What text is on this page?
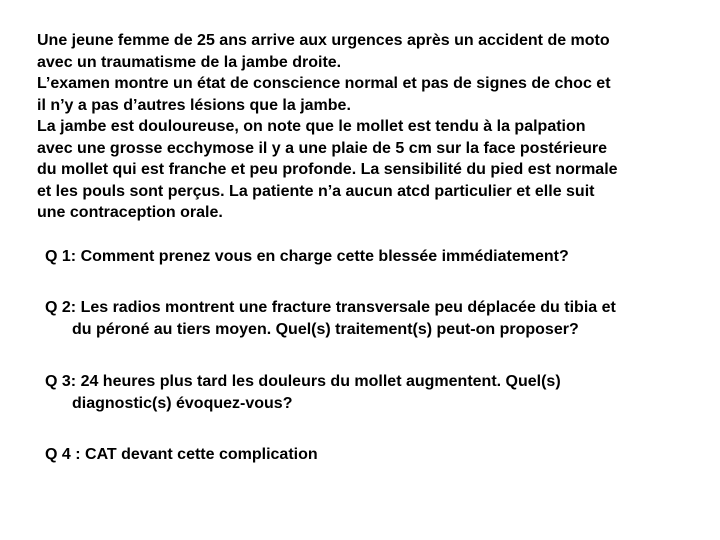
Une jeune femme de 25 ans arrive aux urgences après un accident de moto
avec un traumatisme de la jambe droite.
L’examen montre un état de conscience normal et pas de signes de choc et
il n’y a pas d’autres lésions que la jambe.
La jambe est douloureuse, on note que le mollet est tendu à la palpation
avec une grosse ecchymose il y a une plaie de 5 cm sur la face postérieure
du mollet qui est franche et peu profonde. La sensibilité du pied est normale
et les pouls sont perçus. La patiente n’a aucun atcd particulier et elle suit
une contraception orale.

Q 1: Comment prenez vous en charge cette blessée immédiatement?

Q 2: Les radios montrent une fracture transversale peu déplacée du tibia et
du péroné au tiers moyen. Quel(s) traitement(s) peut-on proposer?

Q 3: 24 heures plus tard les douleurs du mollet augmentent. Quel(s)
diagnostic(s) évoquez-vous?

Q 4 : CAT devant cette complication
